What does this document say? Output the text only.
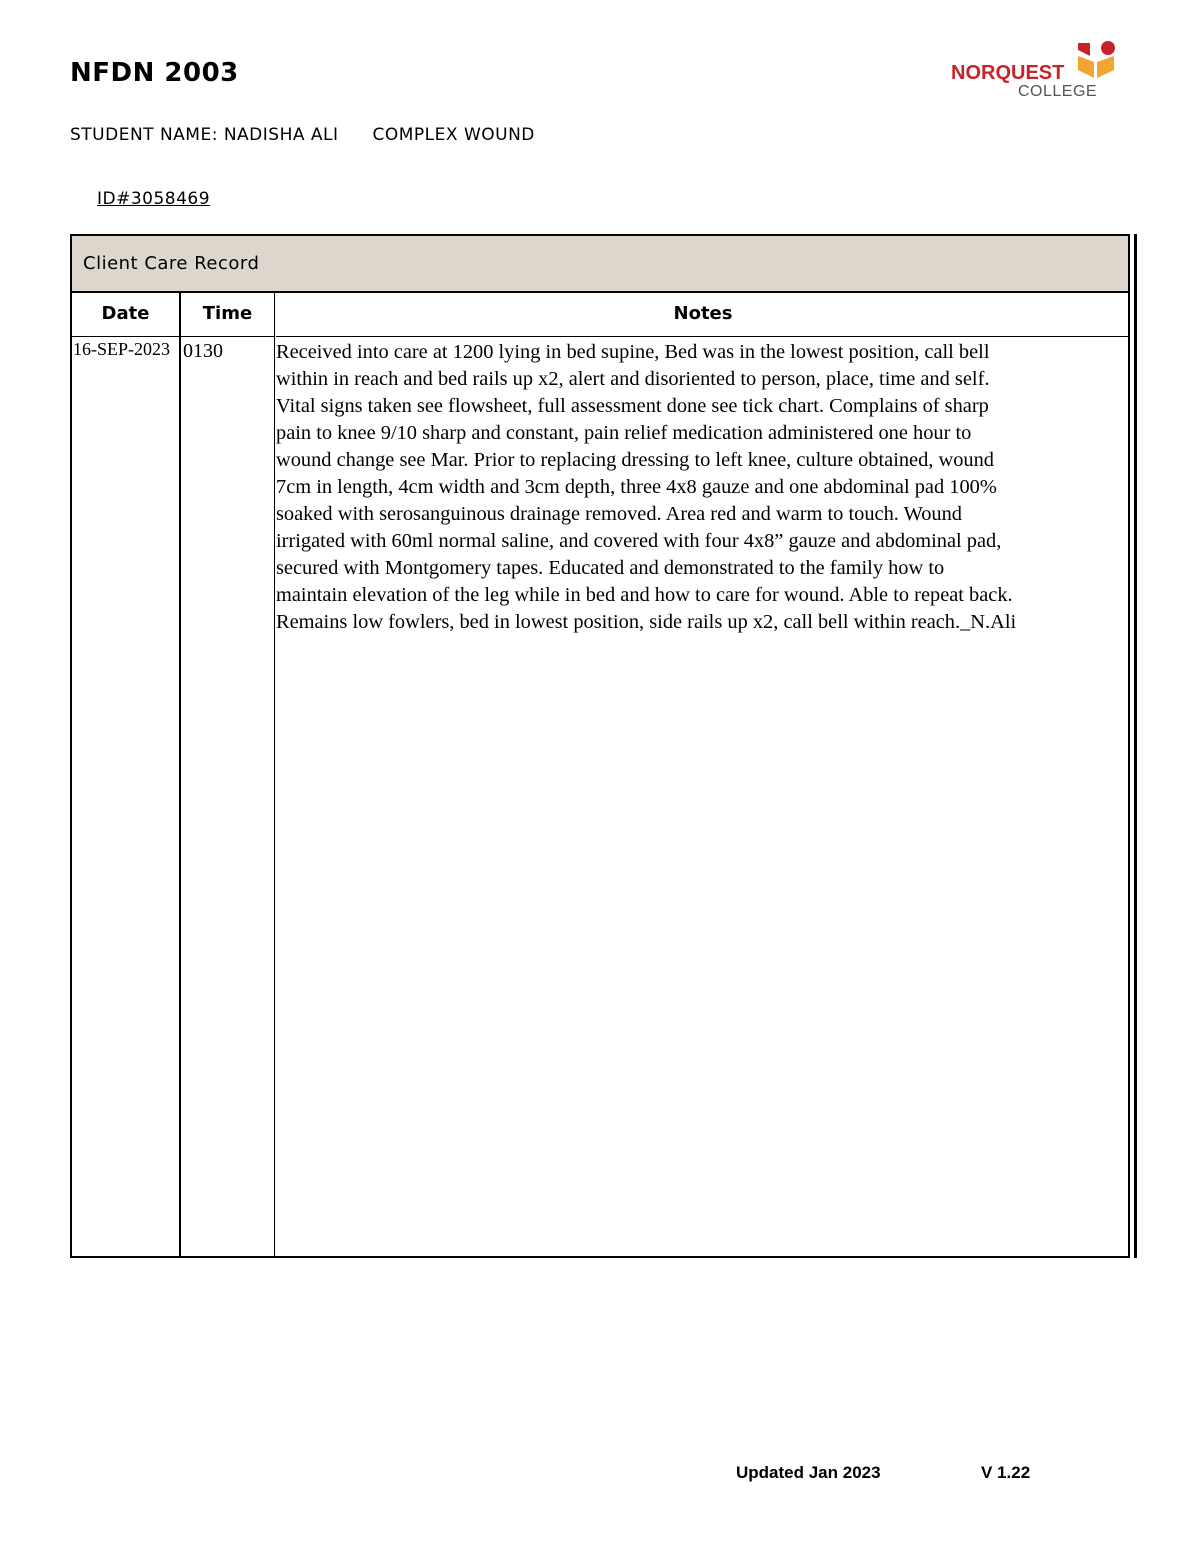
NFDN 2003	NORQUEST
COLLEGE
STUDENT NAME: NADISHA ALI COMPLEX WOUND
ID#3058469
Client Care Record
Date	Time	Notes
16-SEP-2023 0130	Received into care at 1200 lying in bed supine, Bed was in the lowest position, call bell
within in reach and bed rails up x2, alert and disoriented to person, place, time and self.
Vital signs taken see flowsheet, full assessment done see tick chart. Complains of sharp
pain to knee 9/10 sharp and constant, pain relief medication administered one hour to
wound change see Mar. Prior to replacing dressing to left knee, culture obtained, wound
7cm in length, 4cm width and 3cm depth, three 4x8 gauze and one abdominal pad 100%
soaked with serosanguinous drainage removed. Area red and warm to touch. Wound
irrigated with 60ml normal saline, and covered with four 4x8” gauze and abdominal pad,
secured with Montgomery tapes. Educated and demonstrated to the family how to
maintain elevation of the leg while in bed and how to care for wound. Able to repeat back.
Remains low fowlers, bed in lowest position, side rails up x2, call bell within reach._N.Ali
Updated Jan 2023	V 1.22
